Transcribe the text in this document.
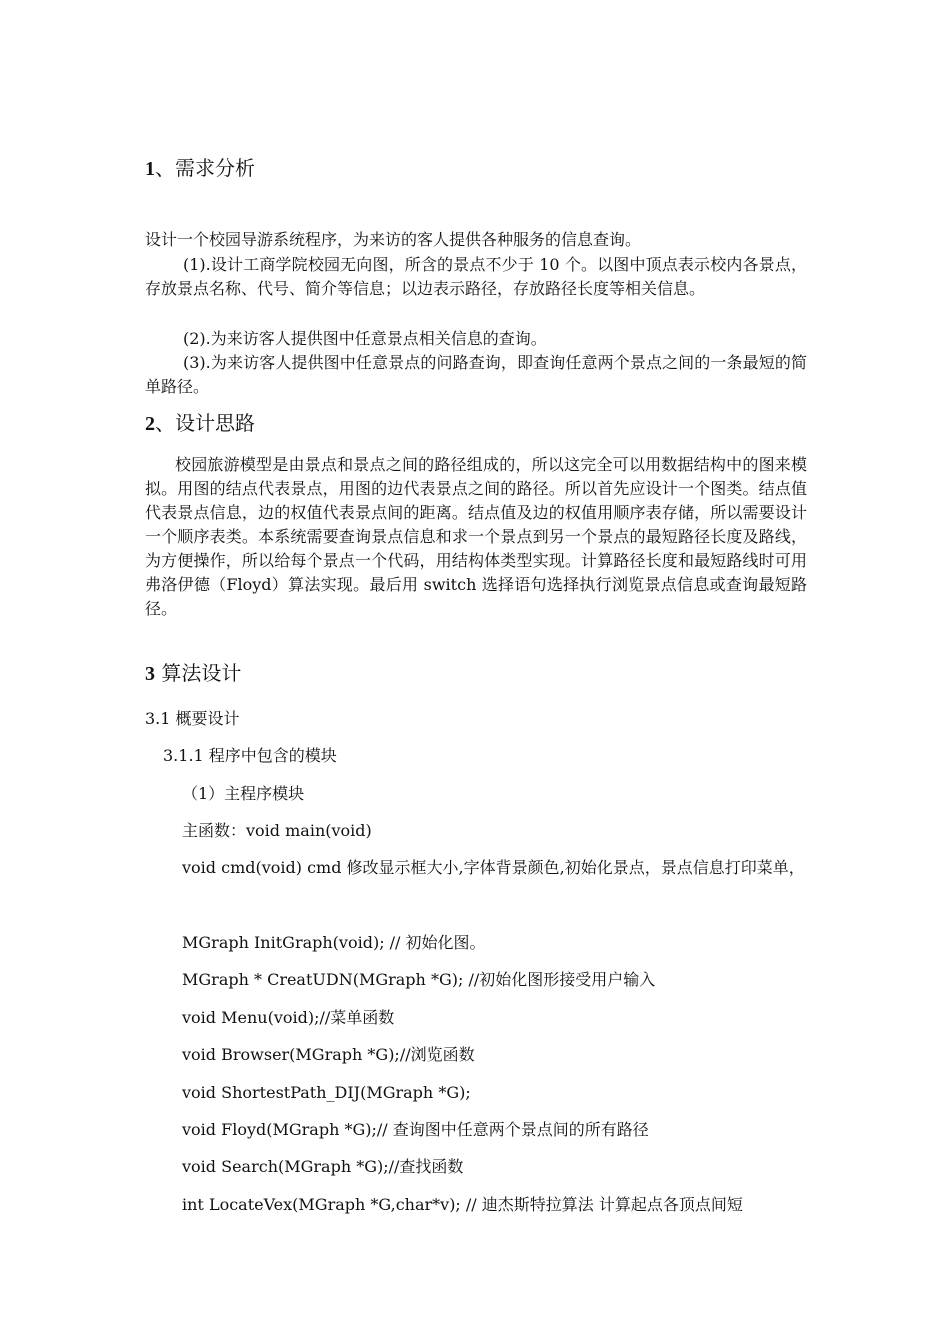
1、需求分析
设计一个校园导游系统程序，为来访的客人提供各种服务的信息查询。
(1).设计工商学院校园无向图，所含的景点不少于 10 个。以图中顶点表示校内各景点，存放景点名称、代号、简介等信息；以边表示路径，存放路径长度等相关信息。
(2).为来访客人提供图中任意景点相关信息的查询。
(3).为来访客人提供图中任意景点的问路查询，即查询任意两个景点之间的一条最短的简单路径。
2、设计思路
校园旅游模型是由景点和景点之间的路径组成的，所以这完全可以用数据结构中的图来模拟。用图的结点代表景点，用图的边代表景点之间的路径。所以首先应设计一个图类。结点值代表景点信息，边的权值代表景点间的距离。结点值及边的权值用顺序表存储，所以需要设计一个顺序表类。本系统需要查询景点信息和求一个景点到另一个景点的最短路径长度及路线，为方便操作，所以给每个景点一个代码，用结构体类型实现。计算路径长度和最短路线时可用弗洛伊德（Floyd）算法实现。最后用 switch 选择语句选择执行浏览景点信息或查询最短路径。
3 算法设计
3.1 概要设计
3.1.1 程序中包含的模块
（1）主程序模块
主函数：void main(void)
void cmd(void) cmd 修改显示框大小,字体背景颜色,初始化景点，景点信息打印菜单，
MGraph InitGraph(void); // 初始化图。
MGraph * CreatUDN(MGraph *G); //初始化图形接受用户输入
void Menu(void);//菜单函数
void Browser(MGraph *G);//浏览函数
void ShortestPath_DIJ(MGraph *G);
void Floyd(MGraph *G);// 查询图中任意两个景点间的所有路径
void Search(MGraph *G);//查找函数
int LocateVex(MGraph *G,char*v); // 迪杰斯特拉算法 计算起点各顶点间短
